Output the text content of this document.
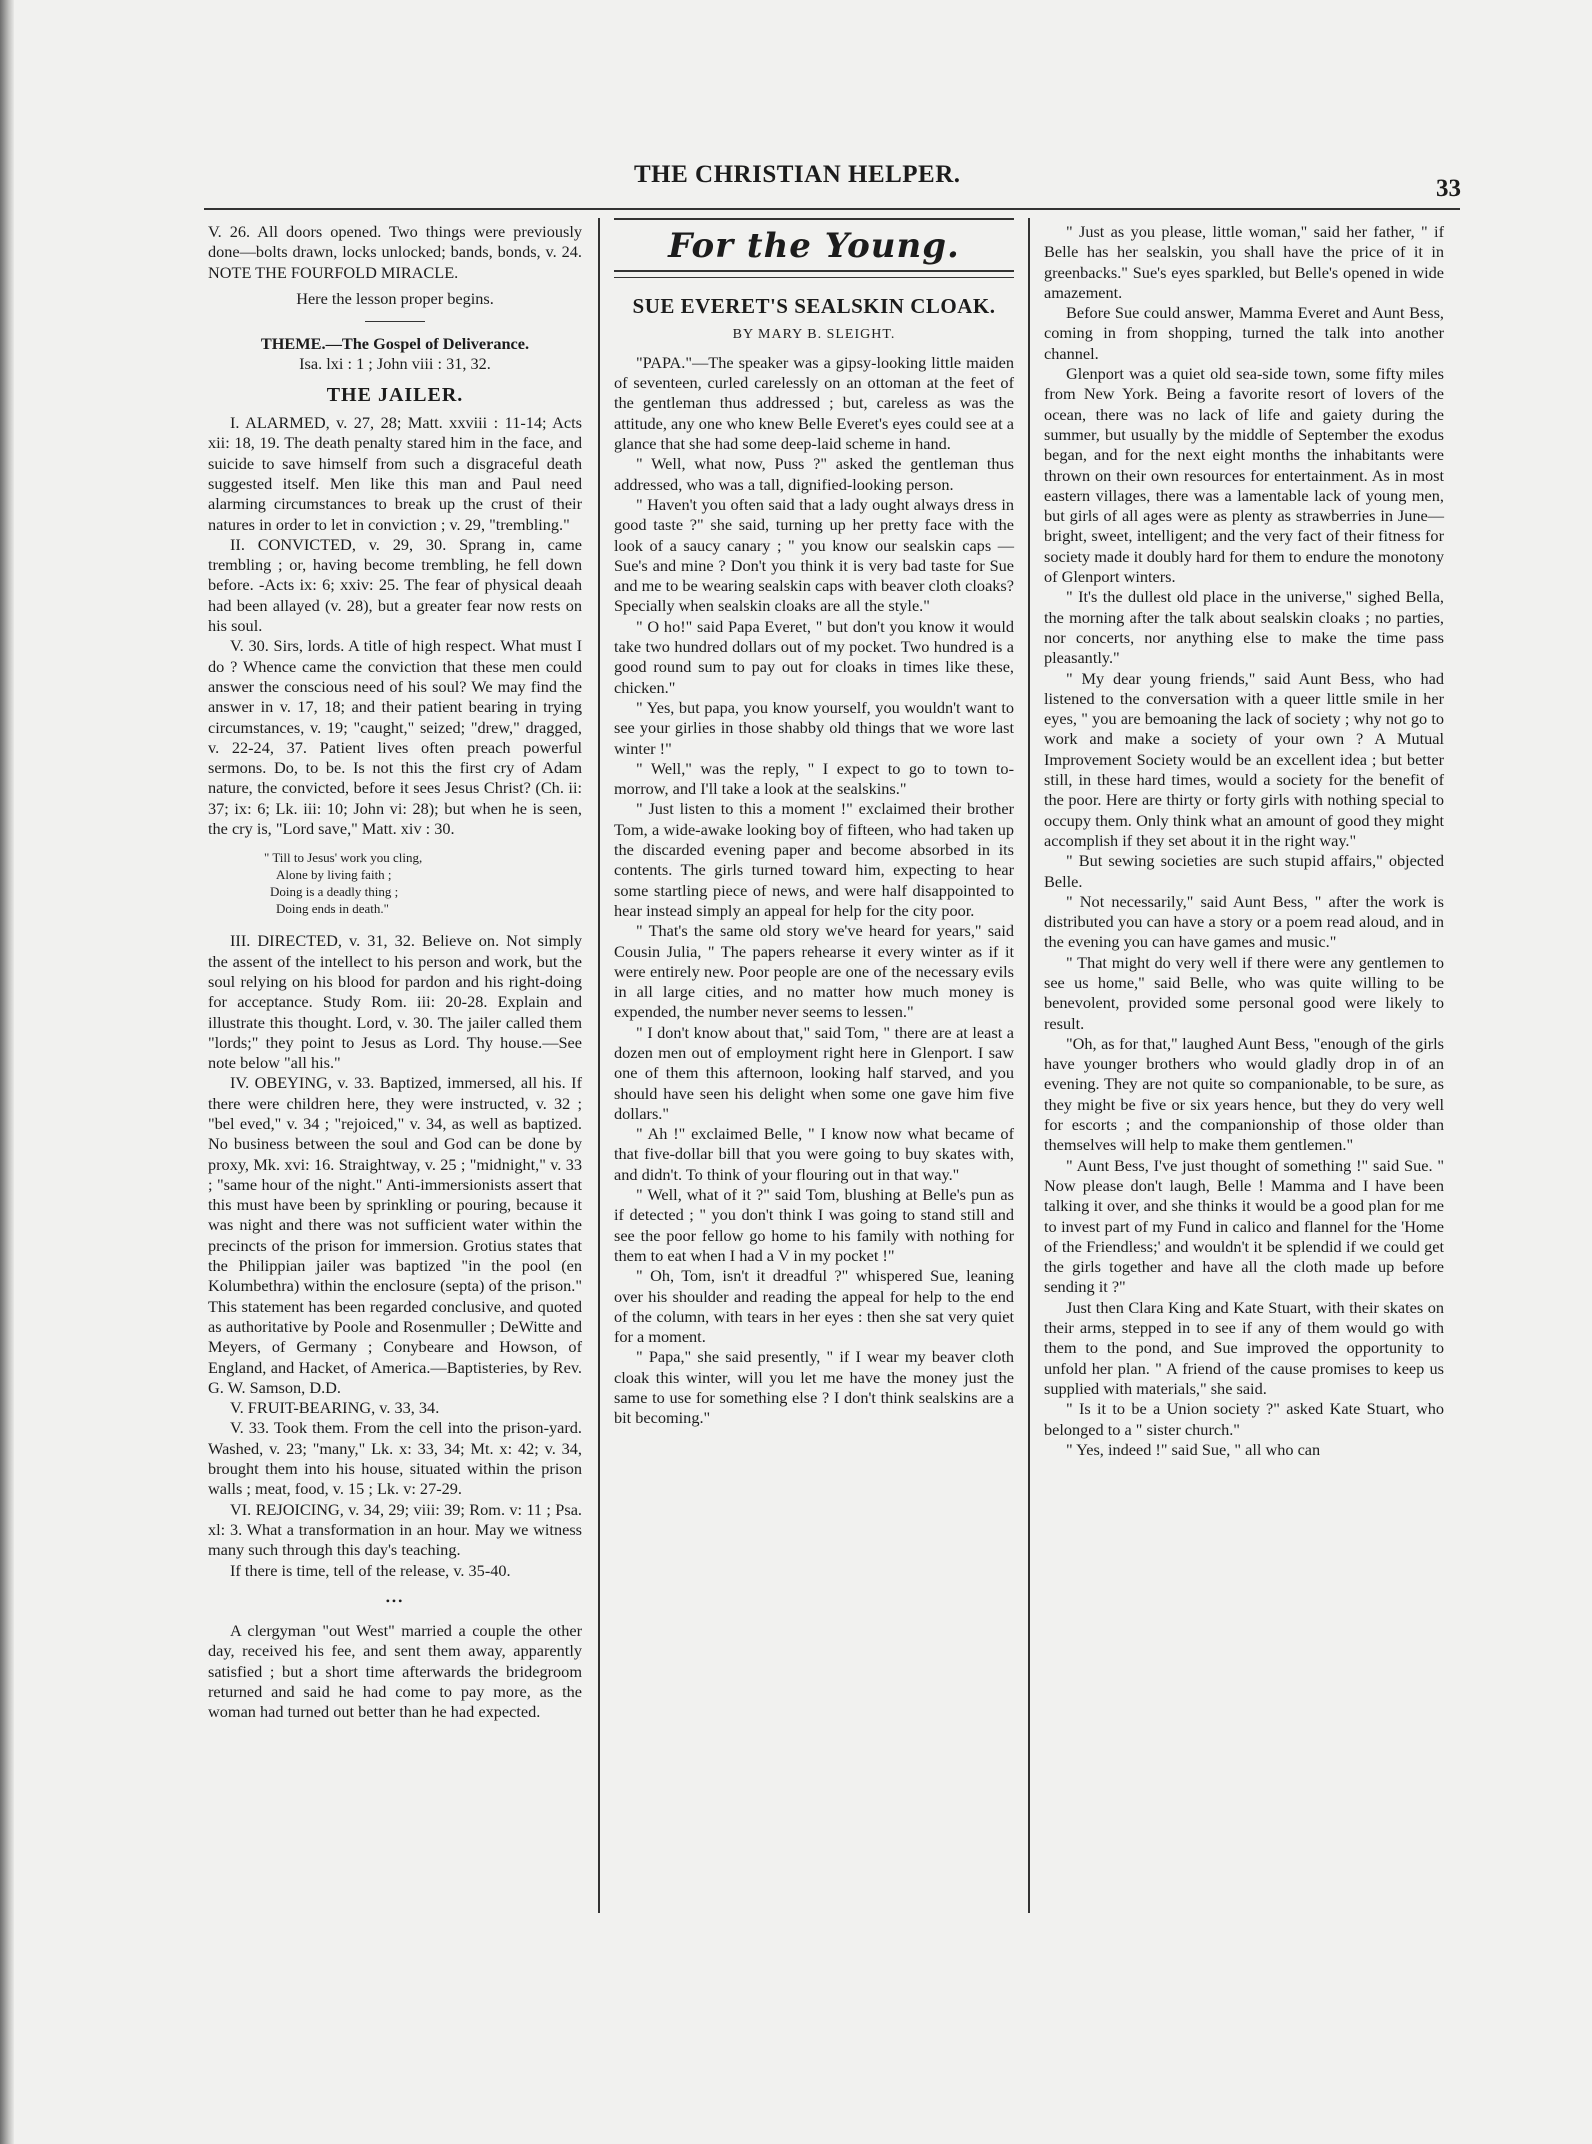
THE CHRISTIAN HELPER.
33

V. 26. All doors opened. Two things were previously done—bolts drawn, locks unlocked; bands, bonds, v. 24. NOTE THE FOURFOLD MIRACLE.

Here the lesson proper begins.

THEME.—The Gospel of Deliverance.

Isa. lxi : 1 ; John viii : 31, 32.

THE JAILER.

I. ALARMED, v. 27, 28; Matt. xxviii : 11-14; Acts xii: 18, 19. The death penalty stared him in the face, and suicide to save himself from such a disgraceful death suggested itself. Men like this man and Paul need alarming circumstances to break up the crust of their natures in order to let in conviction ; v. 29, "trembling."

II. CONVICTED, v. 29, 30. Sprang in, came trembling ; or, having become trembling, he fell down before. -Acts ix: 6; xxiv: 25. The fear of physical deaah had been allayed (v. 28), but a greater fear now rests on his soul.

V. 30. Sirs, lords. A title of high respect. What must I do ? Whence came the conviction that these men could answer the conscious need of his soul? We may find the answer in v. 17, 18; and their patient bearing in trying circumstances, v. 19; "caught," seized; "drew," dragged, v. 22-24, 37. Patient lives often preach powerful sermons. Do, to be. Is not this the first cry of Adam nature, the convicted, before it sees Jesus Christ? (Ch. ii: 37; ix: 6; Lk. iii: 10; John vi: 28); but when he is seen, the cry is, "Lord save," Matt. xiv : 30.

" Till to Jesus' work you cling,
Alone by living faith ;
Doing is a deadly thing ;
Doing ends in death."

III. DIRECTED, v. 31, 32. Believe on. Not simply the assent of the intellect to his person and work, but the soul relying on his blood for pardon and his right-doing for acceptance. Study Rom. iii: 20-28. Explain and illustrate this thought. Lord, v. 30. The jailer called them "lords;" they point to Jesus as Lord. Thy house.—See note below "all his."

IV. OBEYING, v. 33. Baptized, immersed, all his. If there were children here, they were instructed, v. 32 ; "bel eved," v. 34 ; "rejoiced," v. 34, as well as baptized. No business between the soul and God can be done by proxy, Mk. xvi: 16. Straightway, v. 25 ; "midnight," v. 33 ; "same hour of the night." Anti-immersionists assert that this must have been by sprinkling or pouring, because it was night and there was not sufficient water within the precincts of the prison for immersion. Grotius states that the Philippian jailer was baptized "in the pool (en Kolumbethra) within the enclosure (septa) of the prison." This statement has been regarded conclusive, and quoted as authoritative by Poole and Rosenmuller ; DeWitte and Meyers, of Germany ; Conybeare and Howson, of England, and Hacket, of America.—Baptisteries, by Rev. G. W. Samson, D.D.

V. FRUIT-BEARING, v. 33, 34.

V. 33. Took them. From the cell into the prison-yard. Washed, v. 23; "many," Lk. x: 33, 34; Mt. x: 42; v. 34, brought them into his house, situated within the prison walls ; meat, food, v. 15 ; Lk. v: 27-29.

VI. REJOICING, v. 34, 29; viii: 39; Rom. v: 11 ; Psa. xl: 3. What a transformation in an hour. May we witness many such through this day's teaching.

If there is time, tell of the release, v. 35-40.

•••

A clergyman "out West" married a couple the other day, received his fee, and sent them away, apparently satisfied ; but a short time afterwards the bridegroom returned and said he had come to pay more, as the woman had turned out better than he had expected.

For the Young.
SUE EVERET'S SEALSKIN CLOAK.
BY MARY B. SLEIGHT.

"PAPA."—The speaker was a gipsy-looking little maiden of seventeen, curled carelessly on an ottoman at the feet of the gentleman thus addressed ; but, careless as was the attitude, any one who knew Belle Everet's eyes could see at a glance that she had some deep-laid scheme in hand.

" Well, what now, Puss ?" asked the gentleman thus addressed, who was a tall, dignified-looking person.

" Haven't you often said that a lady ought always dress in good taste ?" she said, turning up her pretty face with the look of a saucy canary ; " you know our sealskin caps —Sue's and mine ? Don't you think it is very bad taste for Sue and me to be wearing sealskin caps with beaver cloth cloaks? Specially when sealskin cloaks are all the style."

" O ho!" said Papa Everet, " but don't you know it would take two hundred dollars out of my pocket. Two hundred is a good round sum to pay out for cloaks in times like these, chicken."

" Yes, but papa, you know yourself, you wouldn't want to see your girlies in those shabby old things that we wore last winter !"

" Well," was the reply, " I expect to go to town to-morrow, and I'll take a look at the sealskins."

" Just listen to this a moment !" exclaimed their brother Tom, a wide-awake looking boy of fifteen, who had taken up the discarded evening paper and become absorbed in its contents. The girls turned toward him, expecting to hear some startling piece of news, and were half disappointed to hear instead simply an appeal for help for the city poor.

" That's the same old story we've heard for years," said Cousin Julia, " The papers rehearse it every winter as if it were entirely new. Poor people are one of the necessary evils in all large cities, and no matter how much money is expended, the number never seems to lessen."

" I don't know about that," said Tom, " there are at least a dozen men out of employment right here in Glenport. I saw one of them this afternoon, looking half starved, and you should have seen his delight when some one gave him five dollars."

" Ah !" exclaimed Belle, " I know now what became of that five-dollar bill that you were going to buy skates with, and didn't. To think of your flouring out in that way."

" Well, what of it ?" said Tom, blushing at Belle's pun as if detected ; " you don't think I was going to stand still and see the poor fellow go home to his family with nothing for them to eat when I had a V in my pocket !"

" Oh, Tom, isn't it dreadful ?" whispered Sue, leaning over his shoulder and reading the appeal for help to the end of the column, with tears in her eyes : then she sat very quiet for a moment.

" Papa," she said presently, " if I wear my beaver cloth cloak this winter, will you let me have the money just the same to use for something else ? I don't think sealskins are a bit becoming."

" Just as you please, little woman," said her father, " if Belle has her sealskin, you shall have the price of it in greenbacks." Sue's eyes sparkled, but Belle's opened in wide amazement.

Before Sue could answer, Mamma Everet and Aunt Bess, coming in from shopping, turned the talk into another channel.

Glenport was a quiet old sea-side town, some fifty miles from New York. Being a favorite resort of lovers of the ocean, there was no lack of life and gaiety during the summer, but usually by the middle of September the exodus began, and for the next eight months the inhabitants were thrown on their own resources for entertainment. As in most eastern villages, there was a lamentable lack of young men, but girls of all ages were as plenty as strawberries in June—bright, sweet, intelligent; and the very fact of their fitness for society made it doubly hard for them to endure the monotony of Glenport winters.

" It's the dullest old place in the universe," sighed Bella, the morning after the talk about sealskin cloaks ; no parties, nor concerts, nor anything else to make the time pass pleasantly."

" My dear young friends," said Aunt Bess, who had listened to the conversation with a queer little smile in her eyes, " you are bemoaning the lack of society ; why not go to work and make a society of your own ? A Mutual Improvement Society would be an excellent idea ; but better still, in these hard times, would a society for the benefit of the poor. Here are thirty or forty girls with nothing special to occupy them. Only think what an amount of good they might accomplish if they set about it in the right way."

" But sewing societies are such stupid affairs," objected Belle.

" Not necessarily," said Aunt Bess, " after the work is distributed you can have a story or a poem read aloud, and in the evening you can have games and music."

" That might do very well if there were any gentlemen to see us home," said Belle, who was quite willing to be benevolent, provided some personal good were likely to result.

"Oh, as for that," laughed Aunt Bess, "enough of the girls have younger brothers who would gladly drop in of an evening. They are not quite so companionable, to be sure, as they might be five or six years hence, but they do very well for escorts ; and the companionship of those older than themselves will help to make them gentlemen."

" Aunt Bess, I've just thought of something !" said Sue. " Now please don't laugh, Belle ! Mamma and I have been talking it over, and she thinks it would be a good plan for me to invest part of my Fund in calico and flannel for the 'Home of the Friendless;' and wouldn't it be splendid if we could get the girls together and have all the cloth made up before sending it ?"

Just then Clara King and Kate Stuart, with their skates on their arms, stepped in to see if any of them would go with them to the pond, and Sue improved the opportunity to unfold her plan. " A friend of the cause promises to keep us supplied with materials," she said.

" Is it to be a Union society ?" asked Kate Stuart, who belonged to a " sister church."

" Yes, indeed !" said Sue, " all who can
